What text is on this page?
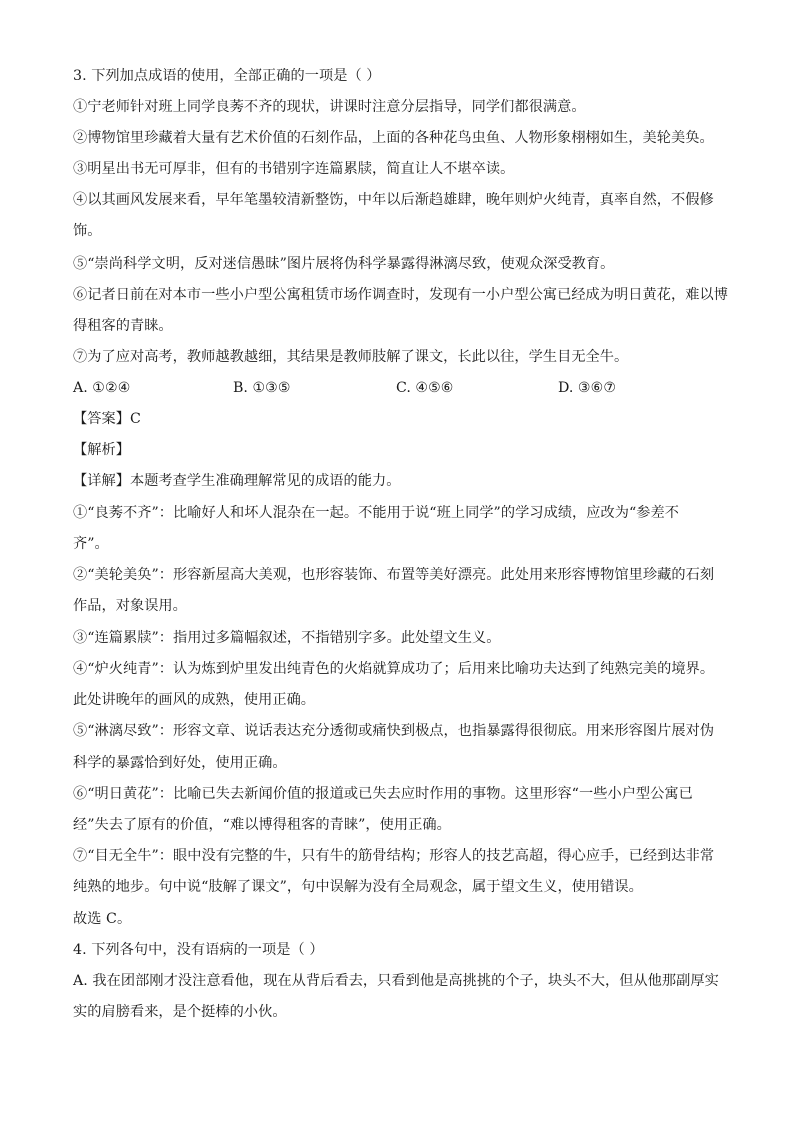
3. 下列加点成语的使用，全部正确的一项是（ ）
①宁老师针对班上同学良莠不齐的现状，讲课时注意分层指导，同学们都很满意。
②博物馆里珍藏着大量有艺术价值的石刻作品，上面的各种花鸟虫鱼、人物形象栩栩如生，美轮美奂。
③明星出书无可厚非，但有的书错别字连篇累牍，简直让人不堪卒读。
④以其画风发展来看，早年笔墨较清新整饬，中年以后渐趋雄肆，晚年则炉火纯青，真率自然，不假修
饰。
⑤“崇尚科学文明，反对迷信愚昧”图片展将伪科学暴露得淋漓尽致，使观众深受教育。
⑥记者日前在对本市一些小户型公寓租赁市场作调查时，发现有一小户型公寓已经成为明日黄花，难以博
得租客的青睐。
⑦为了应对高考，教师越教越细，其结果是教师肢解了课文，长此以往，学生目无全牛。
A. ①②④	B. ①③⑤	C. ④⑤⑥	D. ③⑥⑦
【答案】C
【解析】
【详解】本题考查学生准确理解常见的成语的能力。
①“良莠不齐”：比喻好人和坏人混杂在一起。不能用于说“班上同学”的学习成绩，应改为“参差不
齐”。
②“美轮美奂”：形容新屋高大美观，也形容装饰、布置等美好漂亮。此处用来形容博物馆里珍藏的石刻
作品，对象误用。
③“连篇累牍”：指用过多篇幅叙述，不指错别字多。此处望文生义。
④“炉火纯青”：认为炼到炉里发出纯青色的火焰就算成功了；后用来比喻功夫达到了纯熟完美的境界。
此处讲晚年的画风的成熟，使用正确。
⑤“淋漓尽致”：形容文章、说话表达充分透彻或痛快到极点，也指暴露得很彻底。用来形容图片展对伪
科学的暴露恰到好处，使用正确。
⑥“明日黄花”：比喻已失去新闻价值的报道或已失去应时作用的事物。这里形容“一些小户型公寓已
经”失去了原有的价值，“难以博得租客的青睐”，使用正确。
⑦“目无全牛”：眼中没有完整的牛，只有牛的筋骨结构；形容人的技艺高超，得心应手，已经到达非常
纯熟的地步。句中说“肢解了课文”，句中误解为没有全局观念，属于望文生义，使用错误。
故选 C。
4. 下列各句中，没有语病的一项是（ ）
A. 我在团部刚才没注意看他，现在从背后看去，只看到他是高挑挑的个子，块头不大，但从他那副厚实
实的肩膀看来，是个挺棒的小伙。
